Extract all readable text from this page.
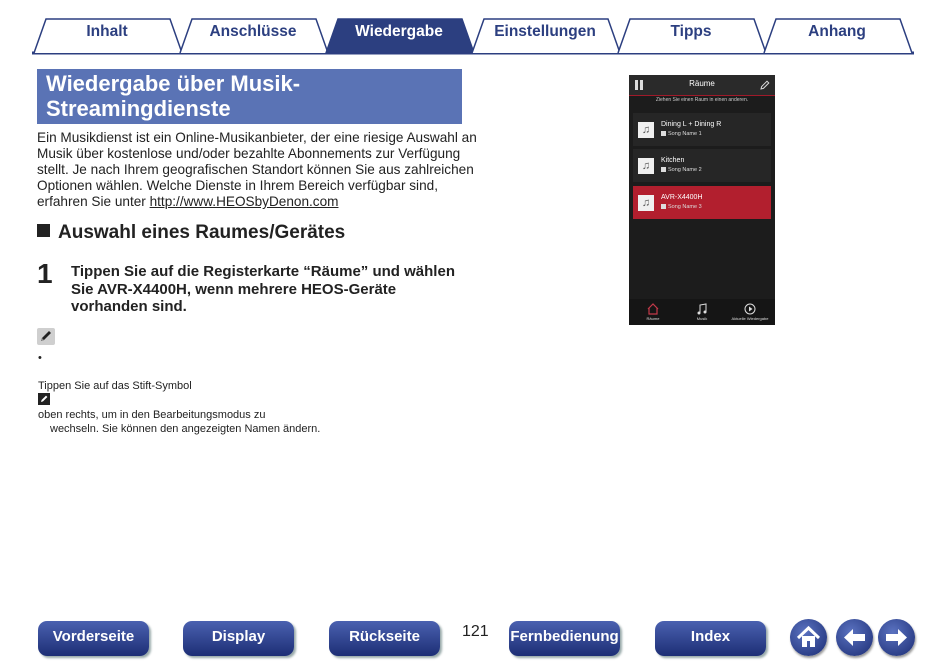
Inhalt	Anschlüsse	Wiedergabe	Einstellungen	Tipps	Anhang
Wiedergabe über Musik-
Streamingdienste
Ein Musikdienst ist ein Online-Musikanbieter, der eine riesige Auswahl an
Musik über kostenlose und/oder bezahlte Abonnements zur Verfügung
stellt. Je nach Ihrem geografischen Standort können Sie aus zahlreichen
Optionen wählen. Welche Dienste in Ihrem Bereich verfügbar sind,
erfahren Sie unter http://www.HEOSbyDenon.com
Auswahl eines Raumes/Gerätes
1 Tippen Sie auf die Registerkarte “Räume” und wählen
Sie AVR-X4400H, wenn mehrere HEOS-Geräte
vorhanden sind.
•

Tippen Sie auf das Stift-Symbol
oben rechts, um in den Bearbeitungsmodus zu
wechseln. Sie können den angezeigten Namen ändern.
Räume
Ziehen Sie einen Raum in einen anderen.
♫	Dining L + Dining R
Song Name 1
♫	Kitchen
Song Name 2
♫	AVR-X4400H
Song Name 3

Räume	Musik	Aktuelle Wiedergabe
Vorderseite	Display	Rückseite	121 Fernbedienung	Index
